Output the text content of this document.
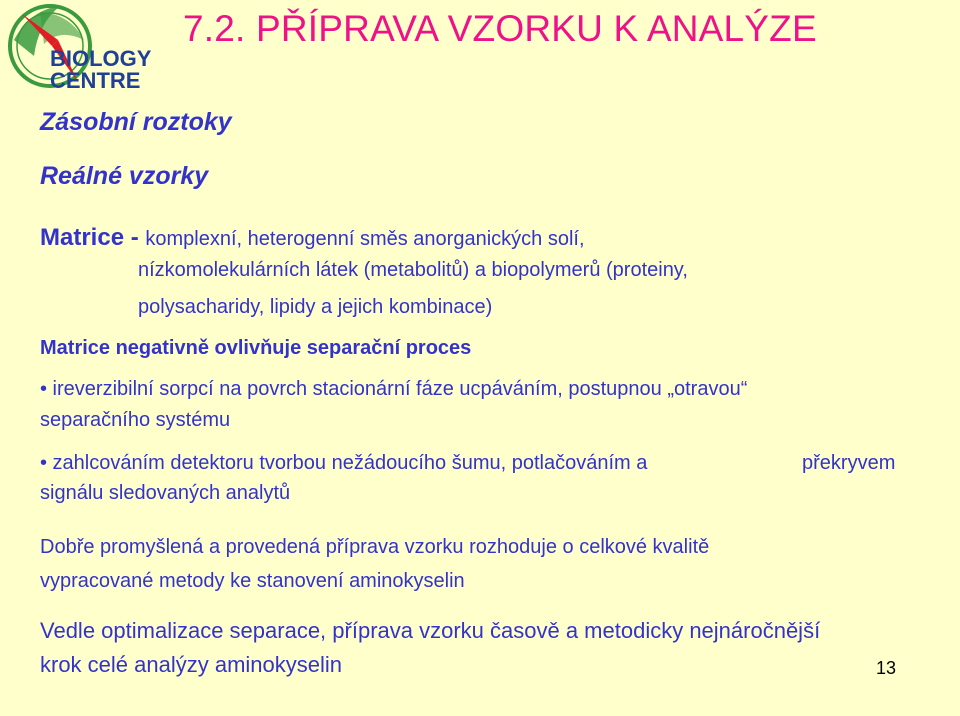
BIOLOGY
CENTRE
7.2. PŘÍPRAVA VZORKU K ANALÝZE
Zásobní roztoky
Reálné vzorky
Matrice - komplexní, heterogenní směs anorganických solí,
nízkomolekulárních látek (metabolitů) a biopolymerů (proteiny,
polysacharidy, lipidy a jejich kombinace)
Matrice negativně ovlivňuje separační proces
• ireverzibilní sorpcí na povrch stacionární fáze ucpáváním, postupnou „otravou“
separačního systému
• zahlcováním detektoru tvorbou nežádoucího šumu, potlačováním a	překryvem
signálu sledovaných analytů
Dobře promyšlená a provedená příprava vzorku rozhoduje o celkové kvalitě
vypracované metody ke stanovení aminokyselin
Vedle optimalizace separace, příprava vzorku časově a metodicky nejnáročnější
krok celé analýzy aminokyselin	13
